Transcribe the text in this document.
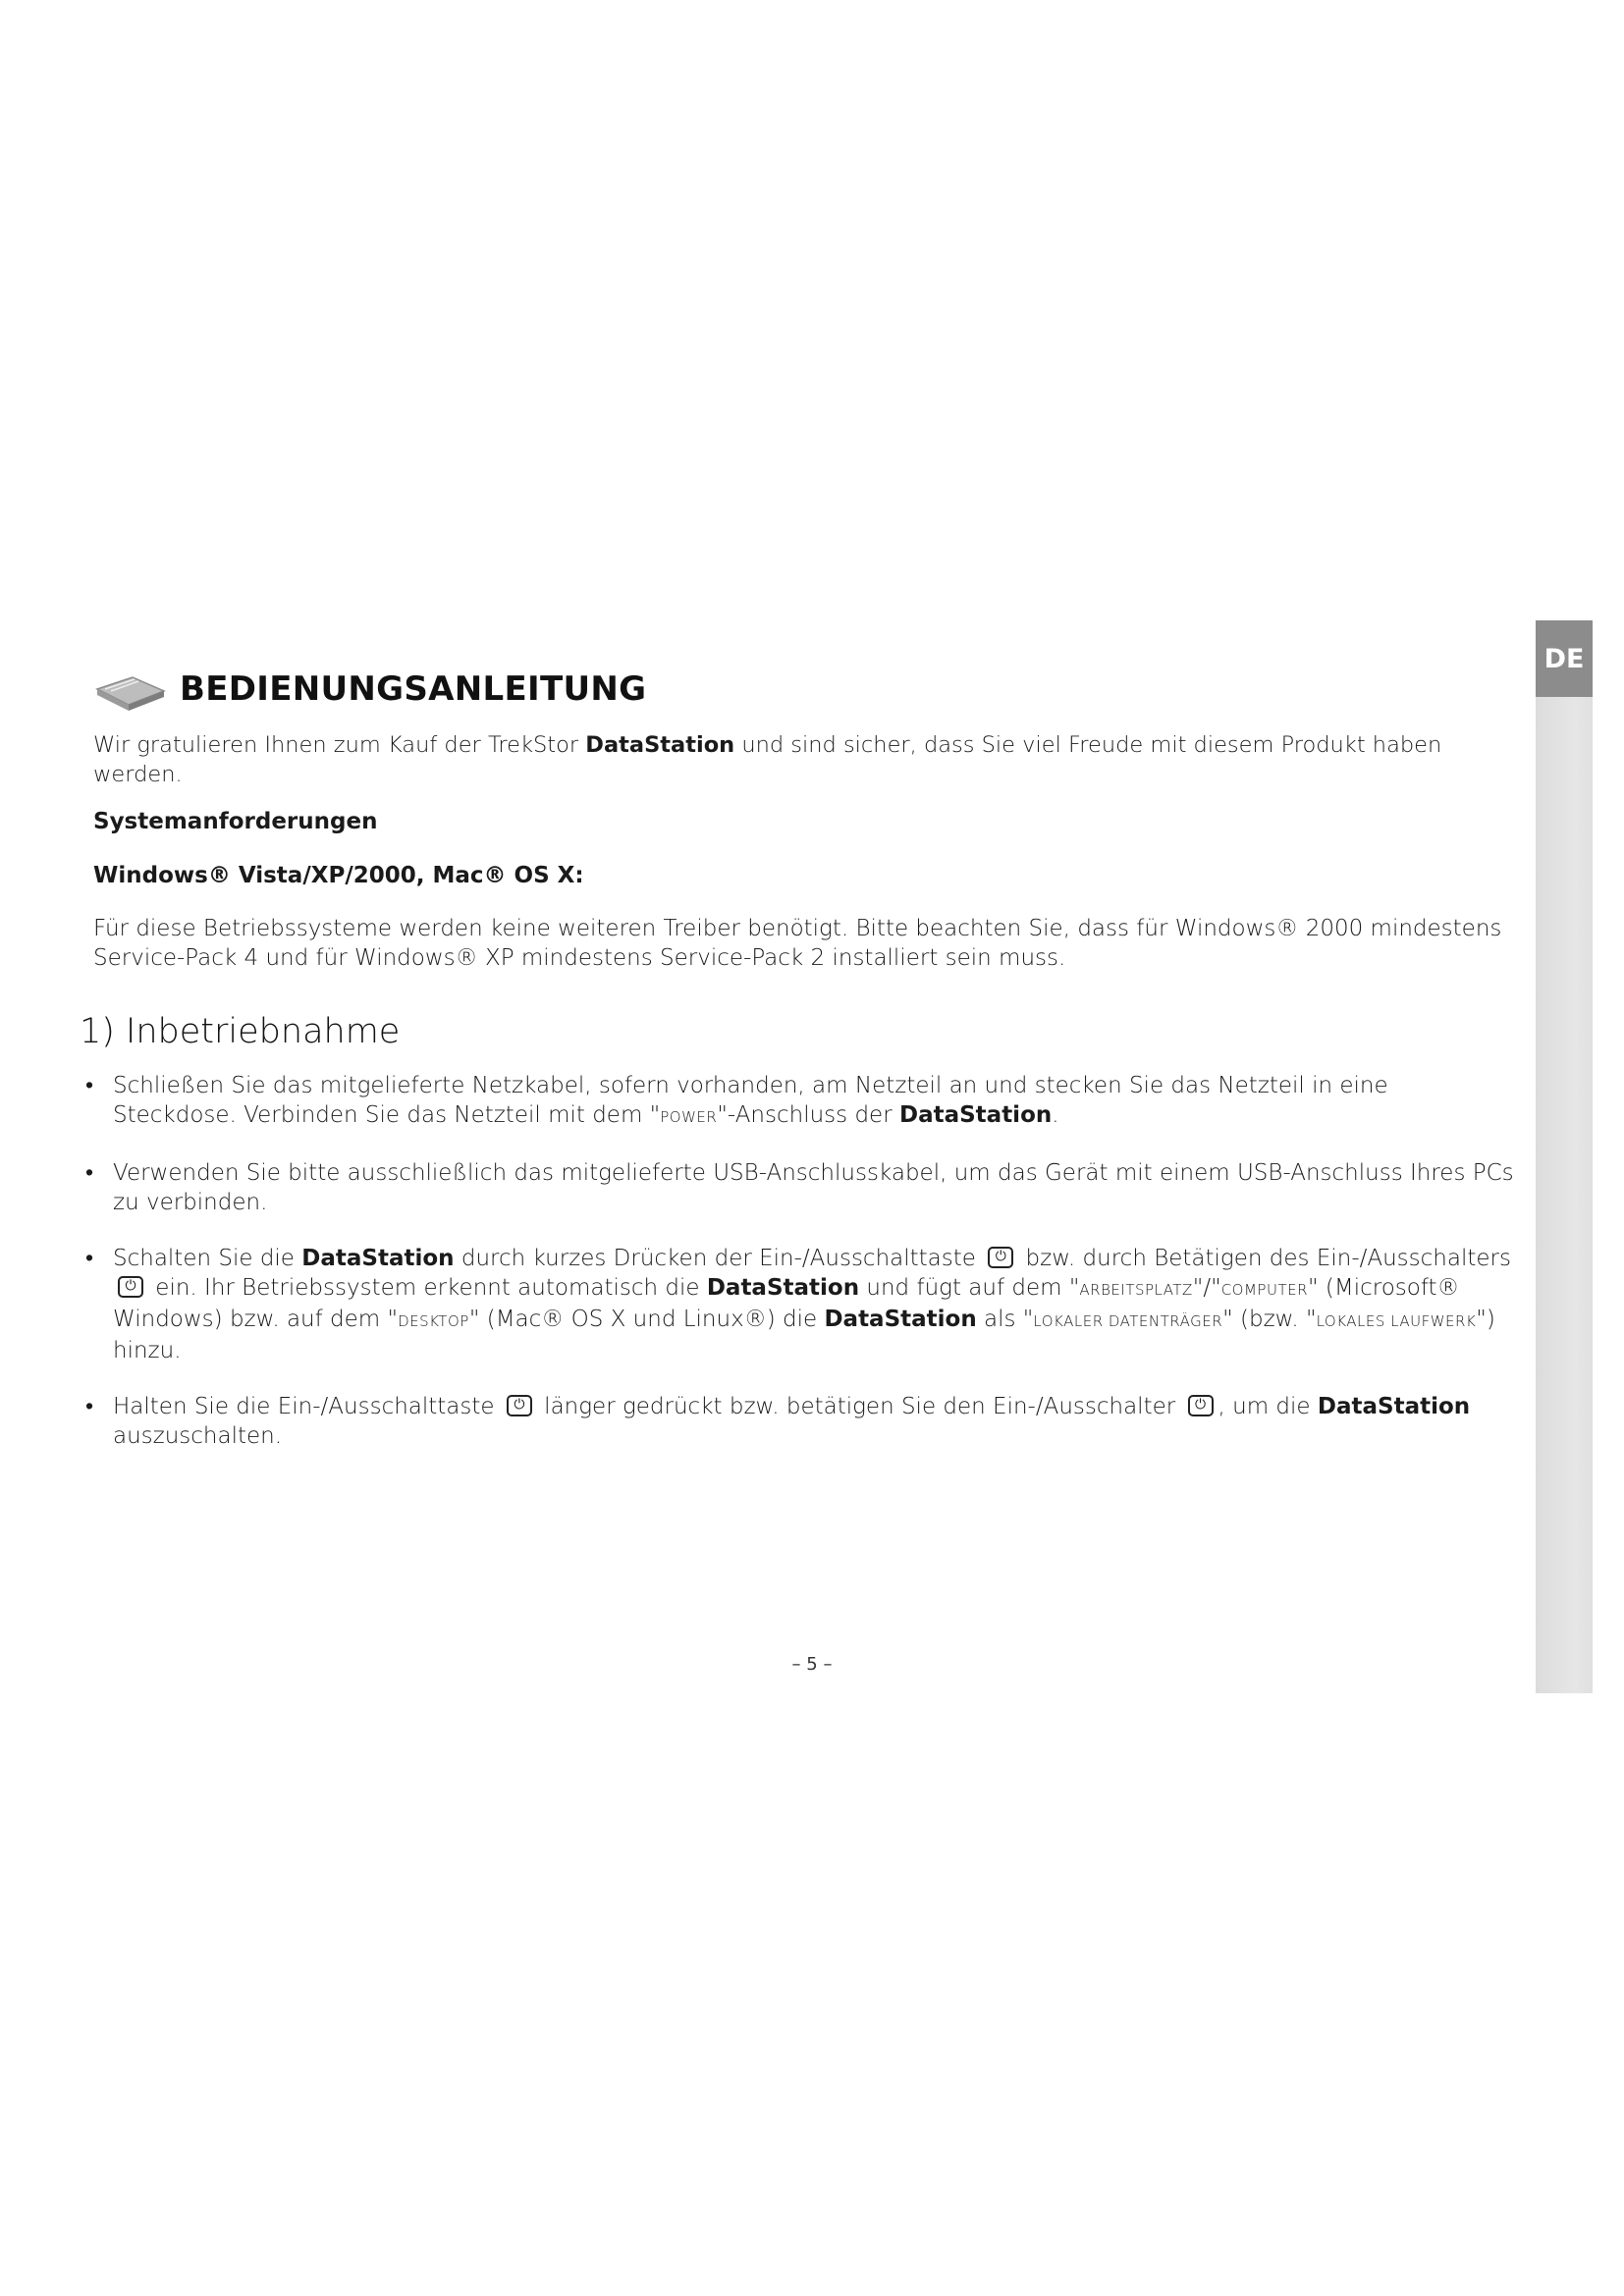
DE
BEDIENUNGSANLEITUNG

Wir gratulieren Ihnen zum Kauf der TrekStor DataStation und sind sicher, dass Sie viel Freude mit diesem Produkt haben werden.

Systemanforderungen

Windows® Vista/XP/2000, Mac® OS X:

Für diese Betriebssysteme werden keine weiteren Treiber benötigt. Bitte beachten Sie, dass für Windows® 2000 mindestens Service-Pack 4 und für Windows® XP mindestens Service-Pack 2 installiert sein muss.

1) Inbetriebnahme
• Schließen Sie das mitgelieferte Netzkabel, sofern vorhanden, am Netzteil an und stecken Sie das Netzteil in eine Steckdose. Verbinden Sie das Netzteil mit dem "POWER"-Anschluss der DataStation.
• Verwenden Sie bitte ausschließlich das mitgelieferte USB-Anschlusskabel, um das Gerät mit einem USB-Anschluss Ihres PCs zu verbinden.
• Schalten Sie die DataStation durch kurzes Drücken der Ein-/Ausschalttaste ⏻ bzw. durch Betätigen des Ein-/Ausschalters ⏻ ein. Ihr Betriebssystem erkennt automatisch die DataStation und fügt auf dem "ARBEITSPLATZ"/"COMPUTER" (Microsoft® Windows) bzw. auf dem "DESKTOP" (Mac® OS X und Linux®) die DataStation als "LOKALER DATENTRÄGER" (bzw. "LOKALES LAUFWERK") hinzu.
• Halten Sie die Ein-/Ausschalttaste ⏻ länger gedrückt bzw. betätigen Sie den Ein-/Ausschalter ⏻, um die DataStation auszuschalten.
– 5 –
